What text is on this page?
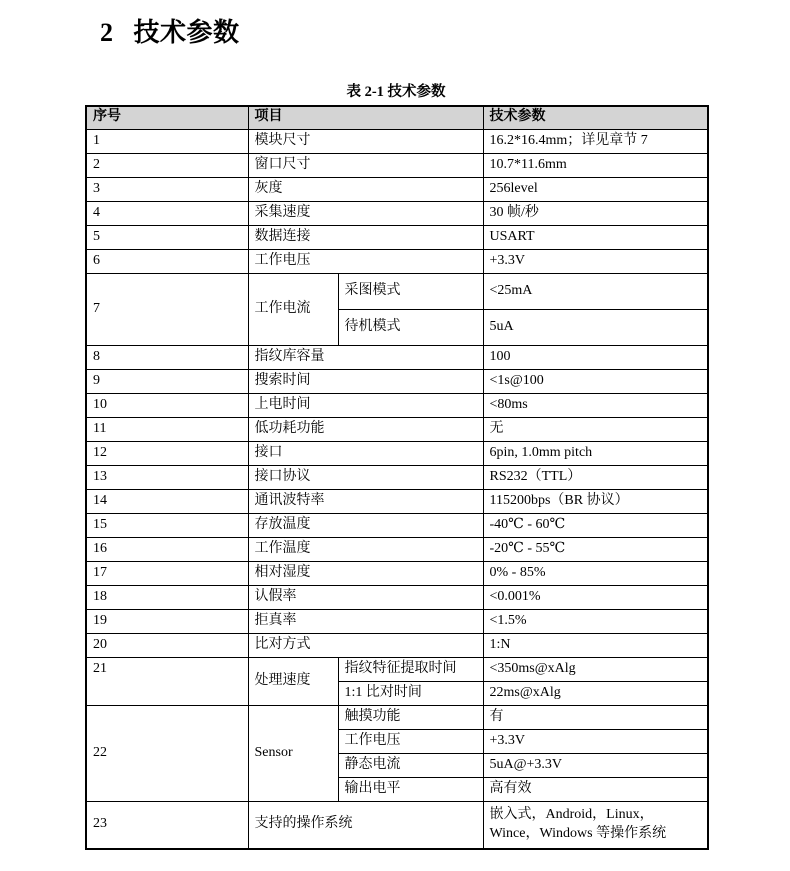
2 技术参数
表 2-1 技术参数
序号	项目		技术参数
1	模块尺寸		16.2*16.4mm；详见章节 7
2	窗口尺寸		10.7*11.6mm
3	灰度		256level
4	采集速度		30 帧/秒
5	数据连接		USART
6	工作电压		+3.3V
7	工作电流	采图模式	<25mA
		待机模式	5uA
8	指纹库容量		100
9	搜索时间		<1s@100
10	上电时间		<80ms
11	低功耗功能		无
12	接口		6pin, 1.0mm pitch
13	接口协议		RS232（TTL）
14	通讯波特率		115200bps（BR 协议）
15	存放温度		-40℃ - 60℃
16	工作温度		-20℃ - 55℃
17	相对湿度		0% - 85%
18	认假率		<0.001%
19	拒真率		<1.5%
20	比对方式		1:N
21	处理速度	指纹特征提取时间	<350ms@xAlg
		1:1 比对时间	22ms@xAlg
22	Sensor	触摸功能	有
		工作电压	+3.3V
		静态电流	5uA@+3.3V
		输出电平	高有效
23	支持的操作系统		嵌入式，Android，Linux，Wince，Windows 等操作系统
